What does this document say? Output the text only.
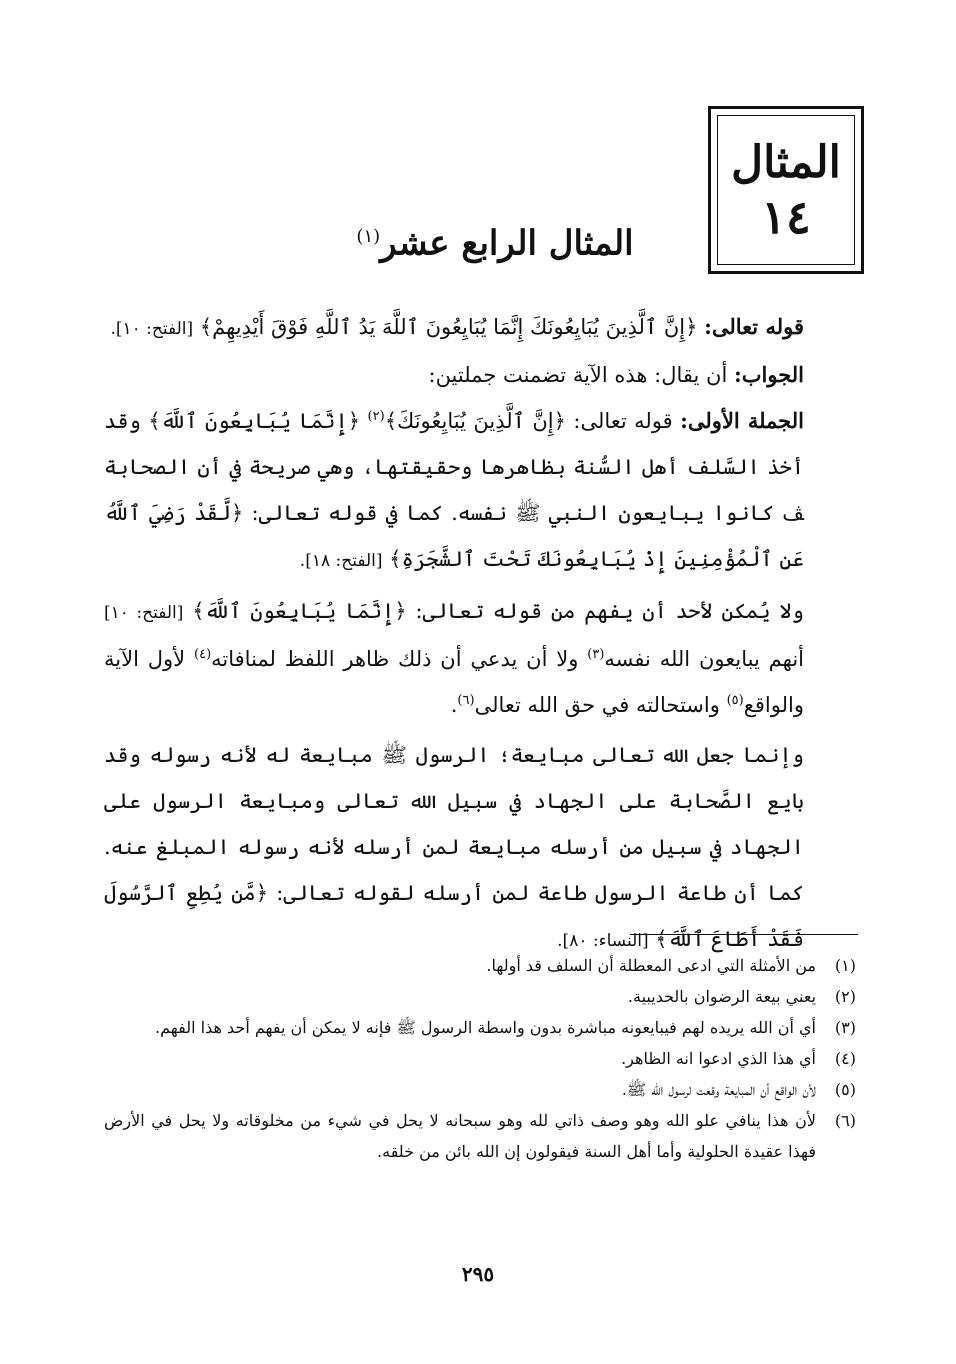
المثال
١٤
المثال الرابع عشر$^{(١)}$

قوله تعالى: ﴿إِنَّ ٱلَّذِينَ يُبَايِعُونَكَ إِنَّمَا يُبَايِعُونَ ٱللَّهَ يَدُ ٱللَّهِ فَوْقَ أَيْدِيهِمْ﴾ [الفتح: ١٠].

الجواب: أن يقال: هذه الآية تضمنت جملتين:

الجملة الأولى: قوله تعالى: ﴿إِنَّ ٱلَّذِينَ يُبَايِعُونَكَ﴾$^{(٢)}$ ﴿إِنَّمَا يُبَايِعُونَ ٱللَّهَ﴾ وقد أخذ السَّلف أهل السُّنة بظاهرها وحقيقتها، وهي صريحة في أن الصحابة ﭫ كانوا يبايعون النبي ﷺ نفسه. كما في قوله تعالى: ﴿لَّقَدْ رَضِيَ ٱللَّهُ عَنِ ٱلْمُؤْمِنِينَ إِذْ يُبَايِعُونَكَ تَحْتَ ٱلشَّجَرَةِ﴾ [الفتح: ١٨].

ولا يُمكن لأحد أن يفهم من قوله تعالى: ﴿إِنَّمَا يُبَايِعُونَ ٱللَّهَ﴾ [الفتح: ١٠] أنهم يبايعون الله نفسه$^{(٣)}$ ولا أن يدعي أن ذلك ظاهر اللفظ لمنافاته$^{(٤)}$ لأول الآية والواقع$^{(٥)}$ واستحالته في حق الله تعالى$^{(٦)}$.

وإنما جعل الله تعالى مبايعة؛ الرسول ﷺ مبايعة له لأنه رسوله وقد بايع الصَّحابة على الجهاد في سبيل الله تعالى ومبايعة الرسول على الجهاد في سبيل من أرسله مبايعة لمن أرسله لأنه رسوله المبلغ عنه. كما أن طاعة الرسول طاعة لمن أرسله لقوله تعالى: ﴿مَّن يُطِعِ ٱلرَّسُولَ فَقَدْ أَطَاعَ ٱللَّهَ﴾ [النساء: ٨٠].

(١)
من الأمثلة التي ادعى المعطلة أن السلف قد أولها.
(٢)
يعني بيعة الرضوان بالحديبية.
(٣)
أي أن الله يريده لهم فيبايعونه مباشرة بدون واسطة الرسول ﷺ فإنه لا يمكن أن يفهم أحد هذا الفهم.
(٤)
أي هذا الذي ادعوا انه الظاهر.
(٥)
لأن الواقع أن المبايعة وقعت لرسول الله ﷺ.
(٦)
لأن هذا ينافي علو الله وهو وصف ذاتي لله وهو سبحانه لا يحل في شيء من مخلوقاته ولا يحل في الأرض فهذا عقيدة الحلولية وأما أهل السنة فيقولون إن الله بائن من خلقه.
٢٩٥
